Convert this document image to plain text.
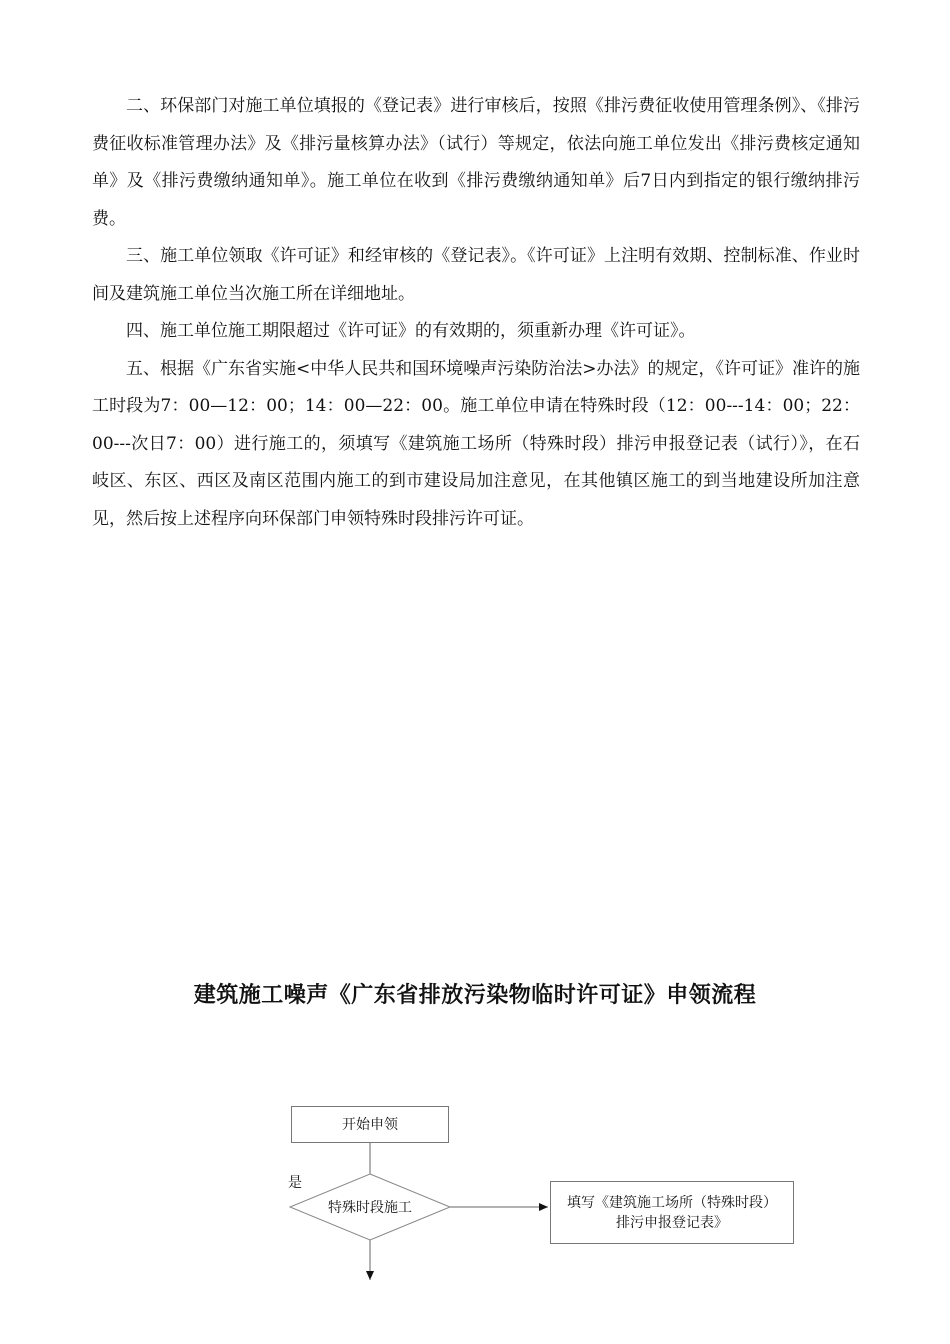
二、环保部门对施工单位填报的《登记表》进行审核后，按照《排污费征收使用管理条例》、《排污费征收标准管理办法》及《排污量核算办法》（试行）等规定，依法向施工单位发出《排污费核定通知单》及《排污费缴纳通知单》。施工单位在收到《排污费缴纳通知单》后7日内到指定的银行缴纳排污费。

三、施工单位领取《许可证》和经审核的《登记表》。《许可证》上注明有效期、控制标准、作业时间及建筑施工单位当次施工所在详细地址。

四、施工单位施工期限超过《许可证》的有效期的，须重新办理《许可证》。

五、根据《广东省实施<中华人民共和国环境噪声污染防治法>办法》的规定，《许可证》准许的施工时段为7：00—12：00；14：00—22：00。施工单位申请在特殊时段（12：00---14：00；22：00---次日7：00）进行施工的，须填写《建筑施工场所（特殊时段）排污申报登记表（试行）》，在石岐区、东区、西区及南区范围内施工的到市建设局加注意见，在其他镇区施工的到当地建设所加注意见，然后按上述程序向环保部门申领特殊时段排污许可证。

建筑施工噪声《广东省排放污染物临时许可证》申领流程
开始申领
特殊时段施工
是
填写《建筑施工场所（特殊时段）排污申报登记表》
